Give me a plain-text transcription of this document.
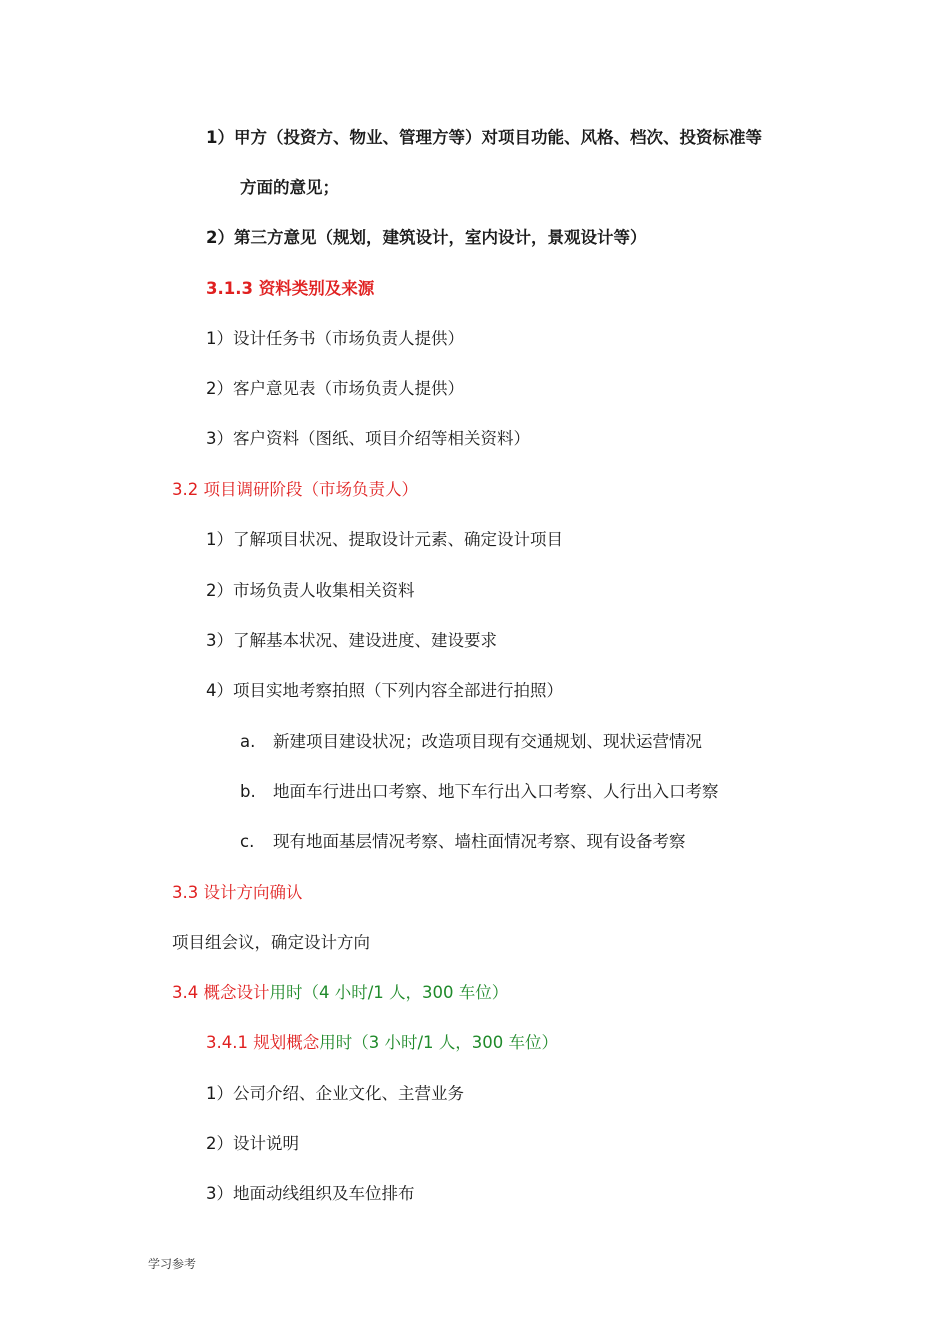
1）甲方（投资方、物业、管理方等）对项目功能、风格、档次、投资标准等
方面的意见；
2）第三方意见（规划，建筑设计，室内设计，景观设计等）
3.1.3 资料类别及来源
1）设计任务书（市场负责人提供）
2）客户意见表（市场负责人提供）
3）客户资料（图纸、项目介绍等相关资料）
3.2 项目调研阶段（市场负责人）
1）了解项目状况、提取设计元素、确定设计项目
2）市场负责人收集相关资料
3）了解基本状况、建设进度、建设要求
4）项目实地考察拍照（下列内容全部进行拍照）
a. 新建项目建设状况；改造项目现有交通规划、现状运营情况
b. 地面车行进出口考察、地下车行出入口考察、人行出入口考察
c. 现有地面基层情况考察、墙柱面情况考察、现有设备考察
3.3 设计方向确认
项目组会议，确定设计方向
3.4 概念设计用时（4 小时/1 人，300 车位）
3.4.1 规划概念用时（3 小时/1 人，300 车位）
1）公司介绍、企业文化、主营业务
2）设计说明
3）地面动线组织及车位排布
学习参考
